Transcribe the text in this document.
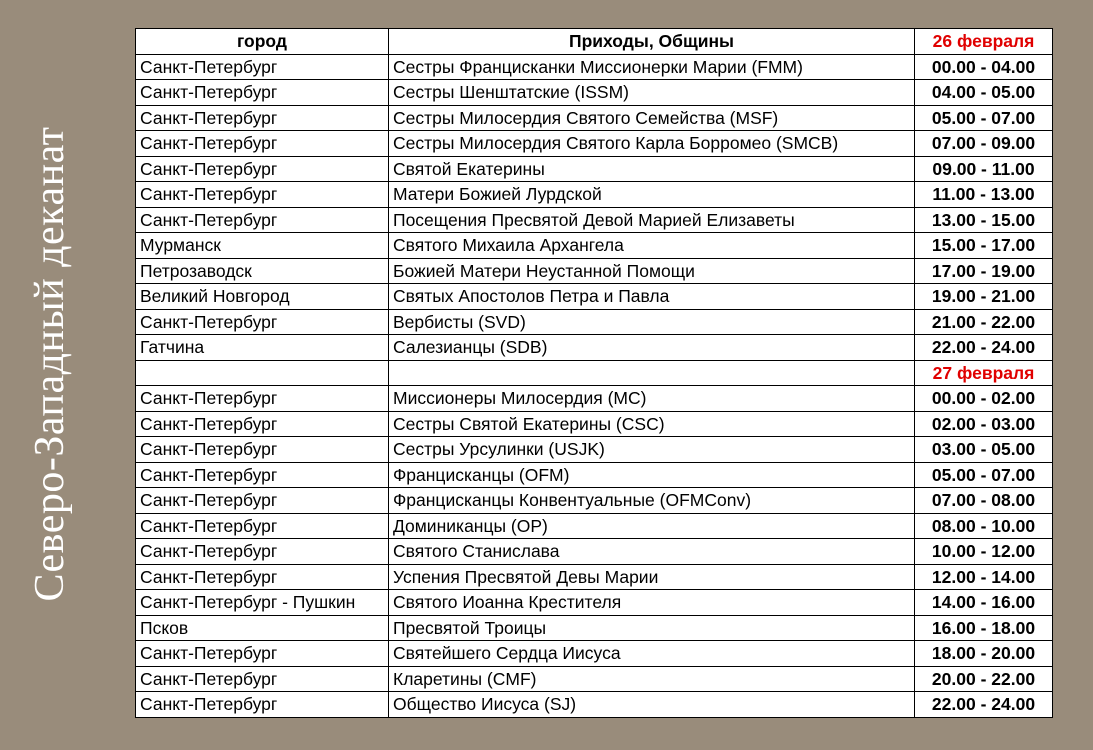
Северо-Западный деканат
город	Приходы, Общины	26 февраля
Санкт-Петербург	Сестры Францисканки Миссионерки Марии (FMM)	00.00 - 04.00
Санкт-Петербург	Сестры Шенштатские (ISSM)	04.00 - 05.00
Санкт-Петербург	Сестры Милосердия Святого Семейства (MSF)	05.00 - 07.00
Санкт-Петербург	Сестры Милосердия Святого Карла Борромео (SMCB)	07.00 - 09.00
Санкт-Петербург	Святой Екатерины	09.00 - 11.00
Санкт-Петербург	Матери Божией Лурдской	11.00 - 13.00
Санкт-Петербург	Посещения Пресвятой Девой Марией Елизаветы	13.00 - 15.00
Мурманск	Святого Михаила Архангела	15.00 - 17.00
Петрозаводск	Божией Матери Неустанной Помощи	17.00 - 19.00
Великий Новгород	Святых Апостолов Петра и Павла	19.00 - 21.00
Санкт-Петербург	Вербисты (SVD)	21.00 - 22.00
Гатчина	Салезианцы (SDB)	22.00 - 24.00
		27 февраля
Санкт-Петербург	Миссионеры Милосердия (MC)	00.00 - 02.00
Санкт-Петербург	Сестры Святой Екатерины (CSC)	02.00 - 03.00
Санкт-Петербург	Сестры Урсулинки (USJK)	03.00 - 05.00
Санкт-Петербург	Францисканцы (OFM)	05.00 - 07.00
Санкт-Петербург	Францисканцы Конвентуальные (OFMConv)	07.00 - 08.00
Санкт-Петербург	Доминиканцы (OP)	08.00 - 10.00
Санкт-Петербург	Святого Станислава	10.00 - 12.00
Санкт-Петербург	Успения Пресвятой Девы Марии	12.00 - 14.00
Санкт-Петербург - Пушкин	Святого Иоанна Крестителя	14.00 - 16.00
Псков	Пресвятой Троицы	16.00 - 18.00
Санкт-Петербург	Святейшего Сердца Иисуса	18.00 - 20.00
Санкт-Петербург	Кларетины (CMF)	20.00 - 22.00
Санкт-Петербург	Общество Иисуса (SJ)	22.00 - 24.00
